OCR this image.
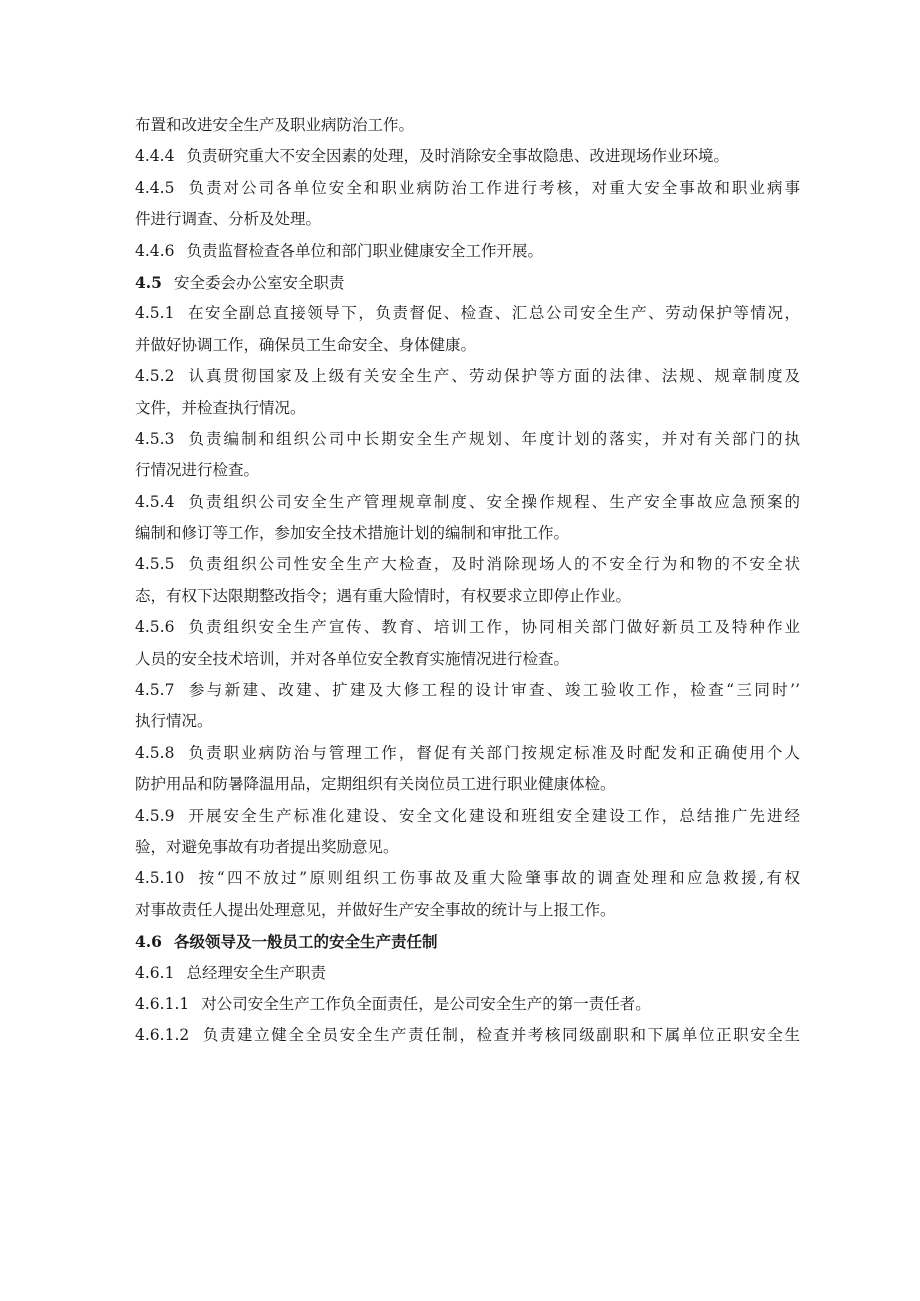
布置和改进安全生产及职业病防治工作。
4.4.4 负责研究重大不安全因素的处理，及时消除安全事故隐患、改进现场作业环境。
4.4.5 负责对公司各单位安全和职业病防治工作进行考核，对重大安全事故和职业病事
件进行调查、分析及处理。
4.4.6 负责监督检查各单位和部门职业健康安全工作开展。
4.5 安全委会办公室安全职责
4.5.1 在安全副总直接领导下，负责督促、检查、汇总公司安全生产、劳动保护等情况，
并做好协调工作，确保员工生命安全、身体健康。
4.5.2 认真贯彻国家及上级有关安全生产、劳动保护等方面的法律、法规、规章制度及
文件，并检查执行情况。
4.5.3 负责编制和组织公司中长期安全生产规划、年度计划的落实，并对有关部门的执
行情况进行检查。
4.5.4 负责组织公司安全生产管理规章制度、安全操作规程、生产安全事故应急预案的
编制和修订等工作，参加安全技术措施计划的编制和审批工作。
4.5.5 负责组织公司性安全生产大检查，及时消除现场人的不安全行为和物的不安全状
态，有权下达限期整改指令；遇有重大险情时，有权要求立即停止作业。
4.5.6 负责组织安全生产宣传、教育、培训工作，协同相关部门做好新员工及特种作业
人员的安全技术培训，并对各单位安全教育实施情况进行检查。
4.5.7 参与新建、改建、扩建及大修工程的设计审查、竣工验收工作，检查“三同时’’
执行情况。
4.5.8 负责职业病防治与管理工作，督促有关部门按规定标准及时配发和正确使用个人
防护用品和防暑降温用品，定期组织有关岗位员工进行职业健康体检。
4.5.9 开展安全生产标准化建设、安全文化建设和班组安全建设工作，总结推广先进经
验，对避免事故有功者提出奖励意见。
4.5.10 按“四不放过”原则组织工伤事故及重大险肇事故的调查处理和应急救援,有权
对事故责任人提出处理意见，并做好生产安全事故的统计与上报工作。
4.6 各级领导及一般员工的安全生产责任制
4.6.1 总经理安全生产职责
4.6.1.1 对公司安全生产工作负全面责任，是公司安全生产的第一责任者。
4.6.1.2 负责建立健全全员安全生产责任制，检查并考核同级副职和下属单位正职安全生
